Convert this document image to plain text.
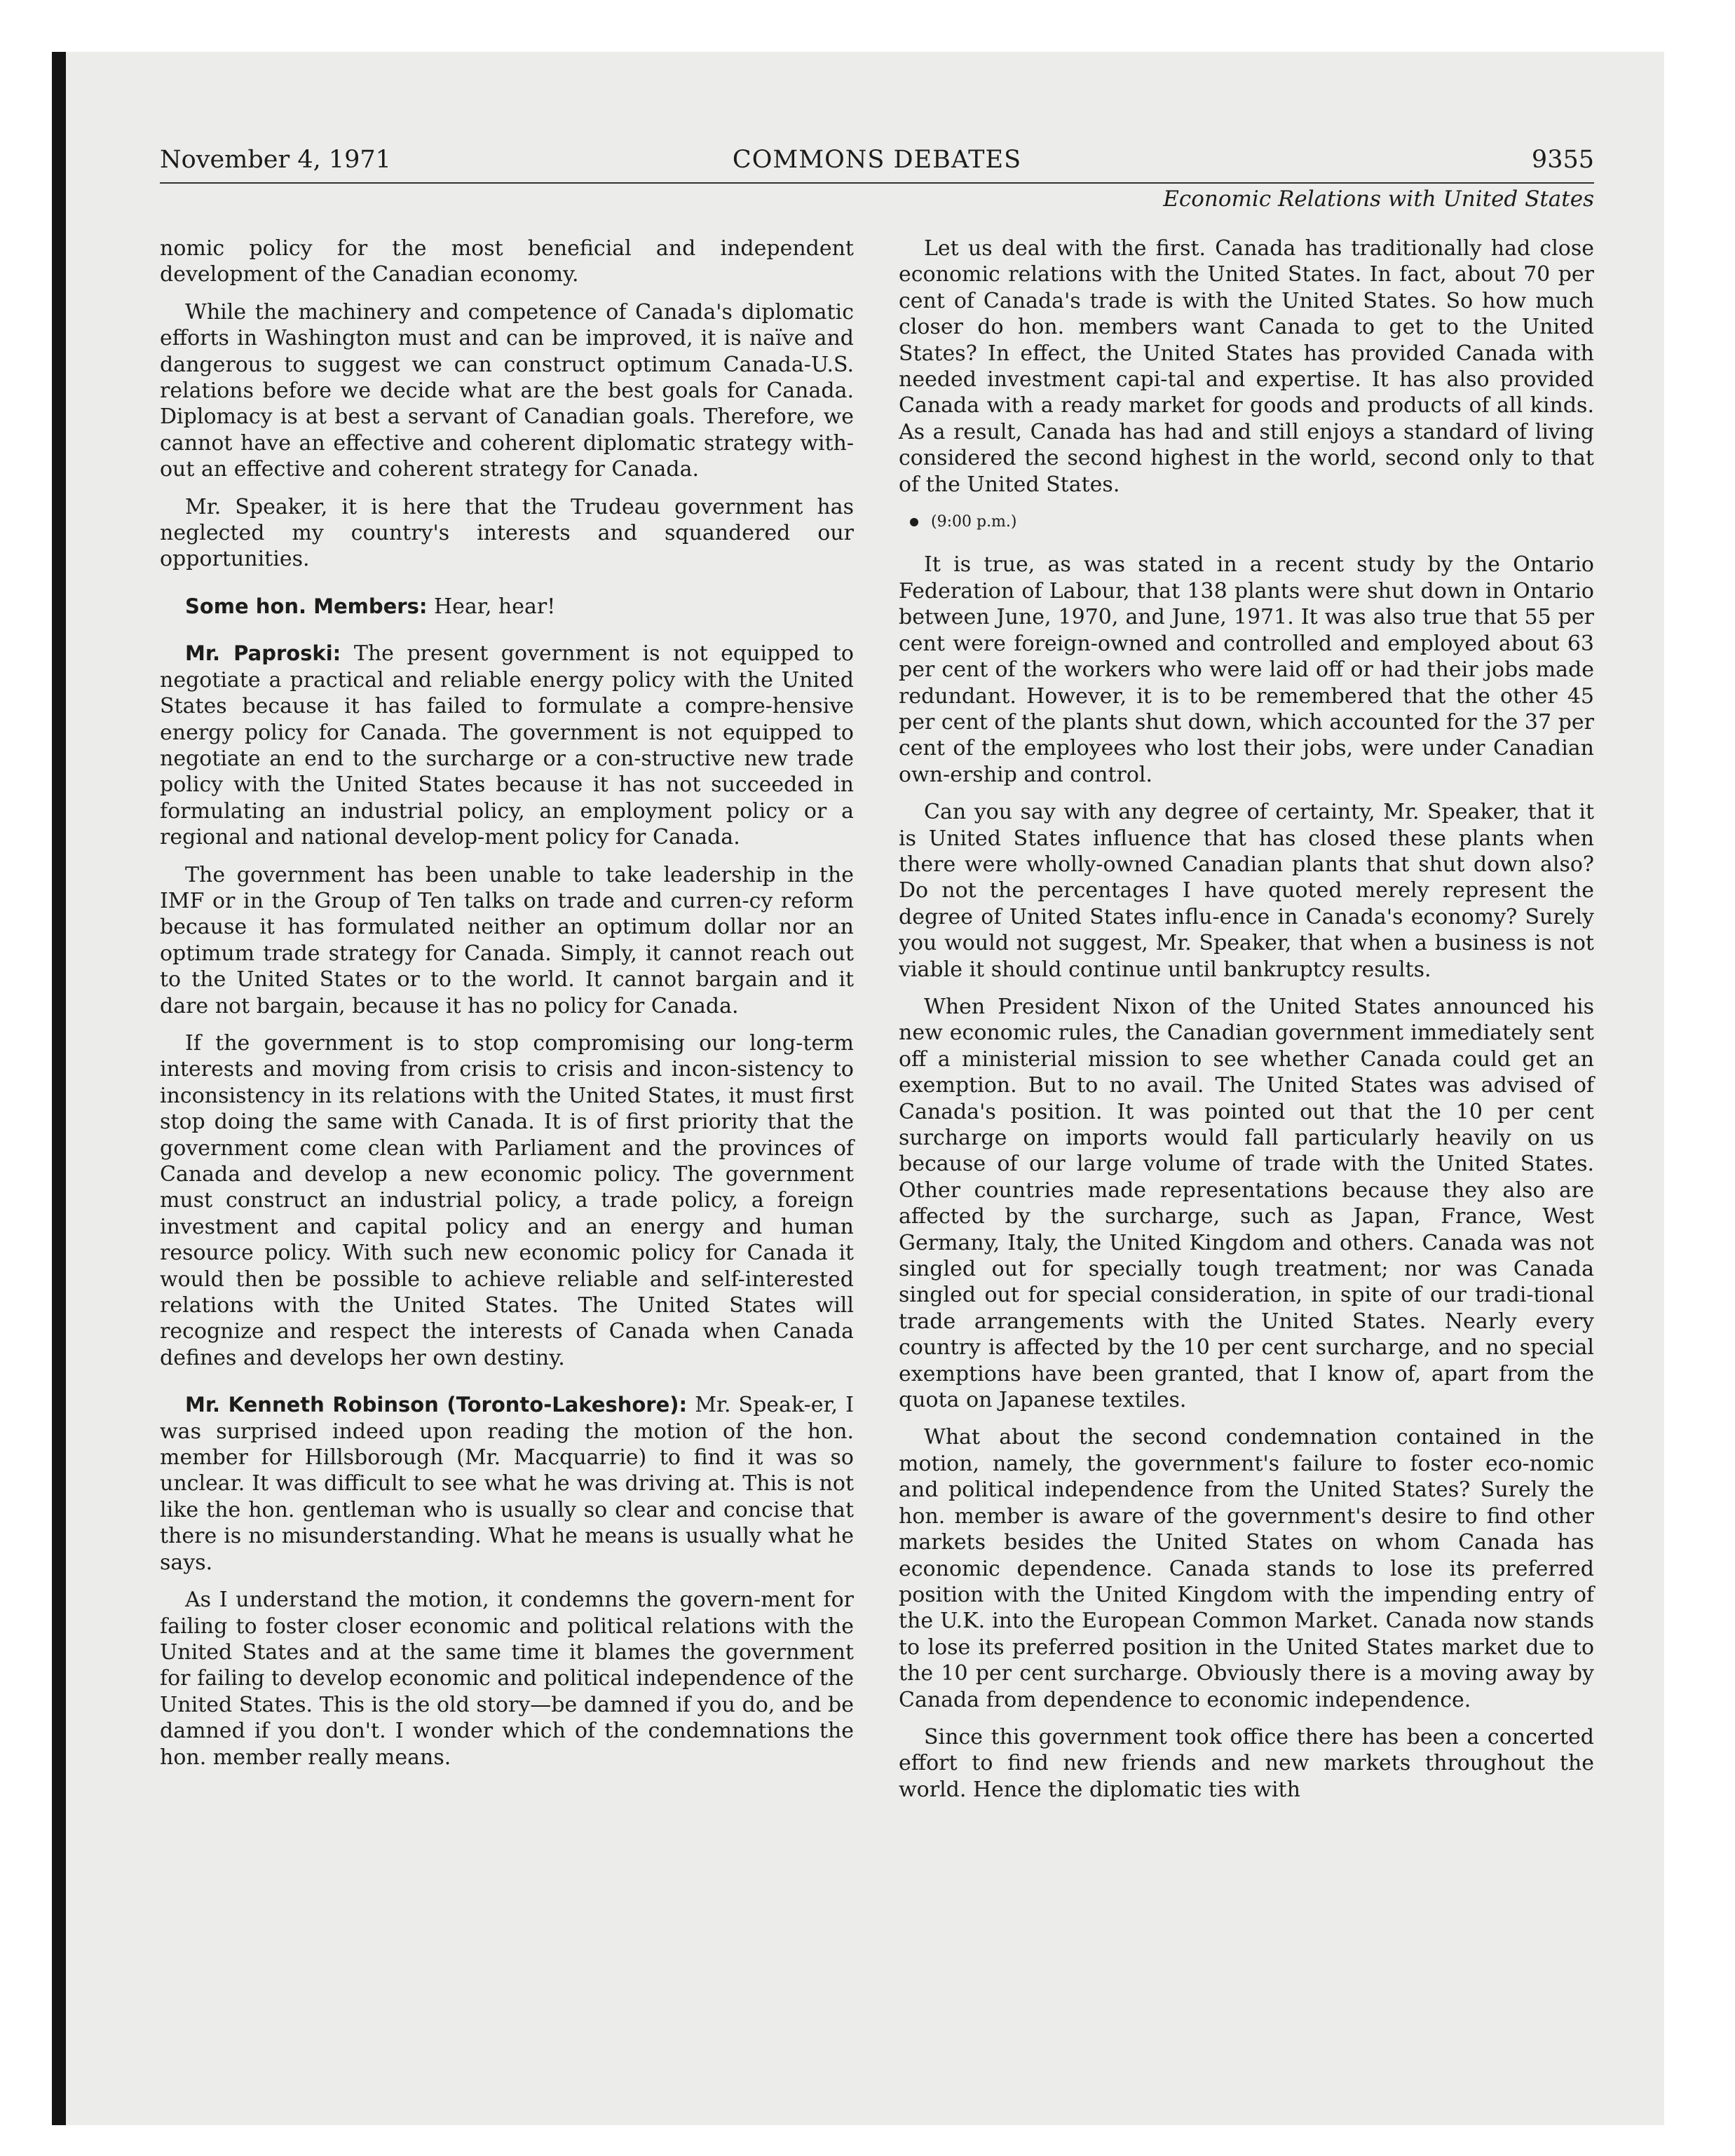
November 4, 1971	COMMONS DEBATES	9355
Economic Relations with United States

nomic policy for the most beneficial and independent development of the Canadian economy.

While the machinery and competence of Canada's diplomatic efforts in Washington must and can be improved, it is naïve and dangerous to suggest we can construct optimum Canada-U.S. relations before we decide what are the best goals for Canada. Diplomacy is at best a servant of Canadian goals. Therefore, we cannot have an effective and coherent diplomatic strategy with-out an effective and coherent strategy for Canada.

Mr. Speaker, it is here that the Trudeau government has neglected my country's interests and squandered our opportunities.

Some hon. Members: Hear, hear!

Mr. Paproski: The present government is not equipped to negotiate a practical and reliable energy policy with the United States because it has failed to formulate a compre-hensive energy policy for Canada. The government is not equipped to negotiate an end to the surcharge or a con-structive new trade policy with the United States because it has not succeeded in formulating an industrial policy, an employment policy or a regional and national develop-ment policy for Canada.

The government has been unable to take leadership in the IMF or in the Group of Ten talks on trade and curren-cy reform because it has formulated neither an optimum dollar nor an optimum trade strategy for Canada. Simply, it cannot reach out to the United States or to the world. It cannot bargain and it dare not bargain, because it has no policy for Canada.

If the government is to stop compromising our long-term interests and moving from crisis to crisis and incon-sistency to inconsistency in its relations with the United States, it must first stop doing the same with Canada. It is of first priority that the government come clean with Parliament and the provinces of Canada and develop a new economic policy. The government must construct an industrial policy, a trade policy, a foreign investment and capital policy and an energy and human resource policy. With such new economic policy for Canada it would then be possible to achieve reliable and self-interested relations with the United States. The United States will recognize and respect the interests of Canada when Canada defines and develops her own destiny.

Mr. Kenneth Robinson (Toronto-Lakeshore): Mr. Speak-er, I was surprised indeed upon reading the motion of the hon. member for Hillsborough (Mr. Macquarrie) to find it was so unclear. It was difficult to see what he was driving at. This is not like the hon. gentleman who is usually so clear and concise that there is no misunderstanding. What he means is usually what he says.

As I understand the motion, it condemns the govern-ment for failing to foster closer economic and political relations with the United States and at the same time it blames the government for failing to develop economic and political independence of the United States. This is the old story—be damned if you do, and be damned if you don't. I wonder which of the condemnations the hon. member really means.

Let us deal with the first. Canada has traditionally had close economic relations with the United States. In fact, about 70 per cent of Canada's trade is with the United States. So how much closer do hon. members want Canada to get to the United States? In effect, the United States has provided Canada with needed investment capi-tal and expertise. It has also provided Canada with a ready market for goods and products of all kinds. As a result, Canada has had and still enjoys a standard of living considered the second highest in the world, second only to that of the United States.

(9:00 p.m.)

It is true, as was stated in a recent study by the Ontario Federation of Labour, that 138 plants were shut down in Ontario between June, 1970, and June, 1971. It was also true that 55 per cent were foreign-owned and controlled and employed about 63 per cent of the workers who were laid off or had their jobs made redundant. However, it is to be remembered that the other 45 per cent of the plants shut down, which accounted for the 37 per cent of the employees who lost their jobs, were under Canadian own-ership and control.

Can you say with any degree of certainty, Mr. Speaker, that it is United States influence that has closed these plants when there were wholly-owned Canadian plants that shut down also? Do not the percentages I have quoted merely represent the degree of United States influ-ence in Canada's economy? Surely you would not suggest, Mr. Speaker, that when a business is not viable it should continue until bankruptcy results.

When President Nixon of the United States announced his new economic rules, the Canadian government immediately sent off a ministerial mission to see whether Canada could get an exemption. But to no avail. The United States was advised of Canada's position. It was pointed out that the 10 per cent surcharge on imports would fall particularly heavily on us because of our large volume of trade with the United States. Other countries made representations because they also are affected by the surcharge, such as Japan, France, West Germany, Italy, the United Kingdom and others. Canada was not singled out for specially tough treatment; nor was Canada singled out for special consideration, in spite of our tradi-tional trade arrangements with the United States. Nearly every country is affected by the 10 per cent surcharge, and no special exemptions have been granted, that I know of, apart from the quota on Japanese textiles.

What about the second condemnation contained in the motion, namely, the government's failure to foster eco-nomic and political independence from the United States? Surely the hon. member is aware of the government's desire to find other markets besides the United States on whom Canada has economic dependence. Canada stands to lose its preferred position with the United Kingdom with the impending entry of the U.K. into the European Common Market. Canada now stands to lose its preferred position in the United States market due to the 10 per cent surcharge. Obviously there is a moving away by Canada from dependence to economic independence.

Since this government took office there has been a concerted effort to find new friends and new markets throughout the world. Hence the diplomatic ties with
